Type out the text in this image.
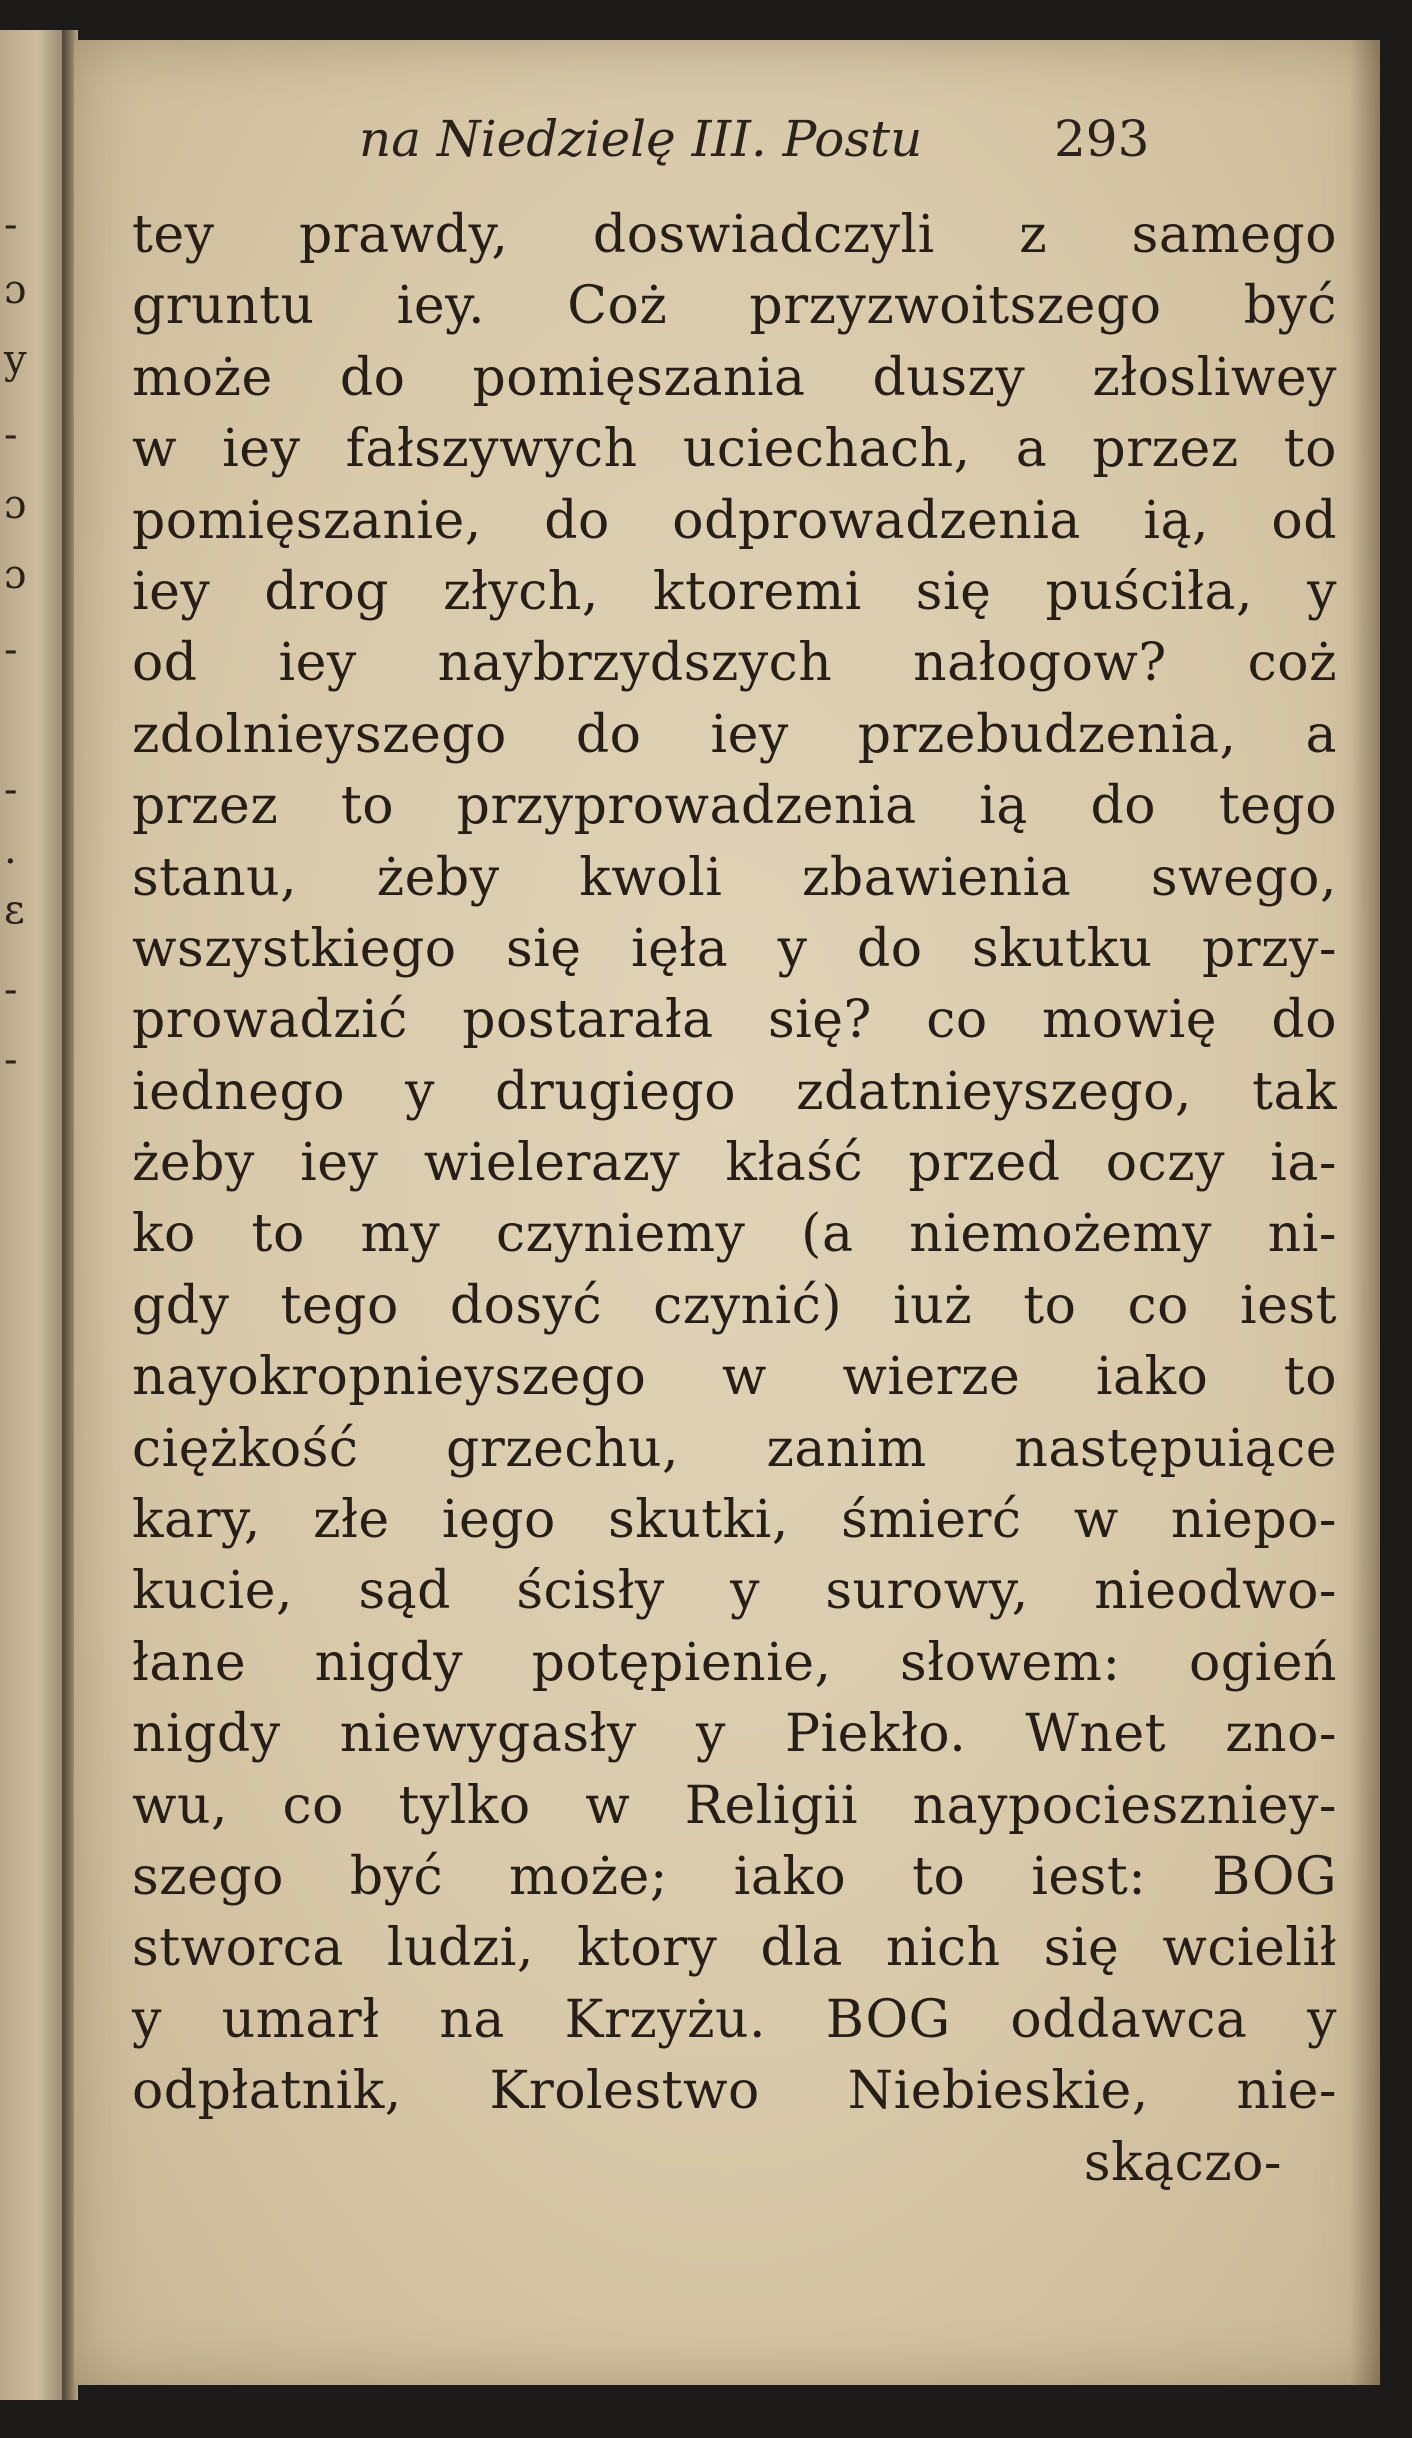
-
ɔ
y
-
ɔ
ɔ
-
-
.
ɛ
-
-
na Niedzielę III. Postu	293
tey prawdy, doswiadczyli z samego
gruntu iey. Coż przyzwoitszego być
może do pomięszania duszy złosliwey
w iey fałszywych uciechach, a przez to
pomięszanie, do odprowadzenia ią, od
iey drog złych, ktoremi się puściła, y
od iey naybrzydszych nałogow? coż
zdolnieyszego do iey przebudzenia, a
przez to przyprowadzenia ią do tego
stanu, żeby kwoli zbawienia swego,
wszystkiego się ięła y do skutku przy-
prowadzić postarała się? co mowię do
iednego y drugiego zdatnieyszego, tak
żeby iey wielerazy kłaść przed oczy ia-
ko to my czyniemy (a niemożemy ni-
gdy tego dosyć czynić) iuż to co iest
nayokropnieyszego w wierze iako to
ciężkość grzechu, zanim następuiące
kary, złe iego skutki, śmierć w niepo-
kucie, sąd ścisły y surowy, nieodwo-
łane nigdy potępienie, słowem: ogień
nigdy niewygasły y Piekło. Wnet zno-
wu, co tylko w Religii naypocieszniey-
szego być może; iako to iest: BOG
stworca ludzi, ktory dla nich się wcielił
y umarł na Krzyżu. BOG oddawca y
odpłatnik, Krolestwo Niebieskie, nie-
skączo-
